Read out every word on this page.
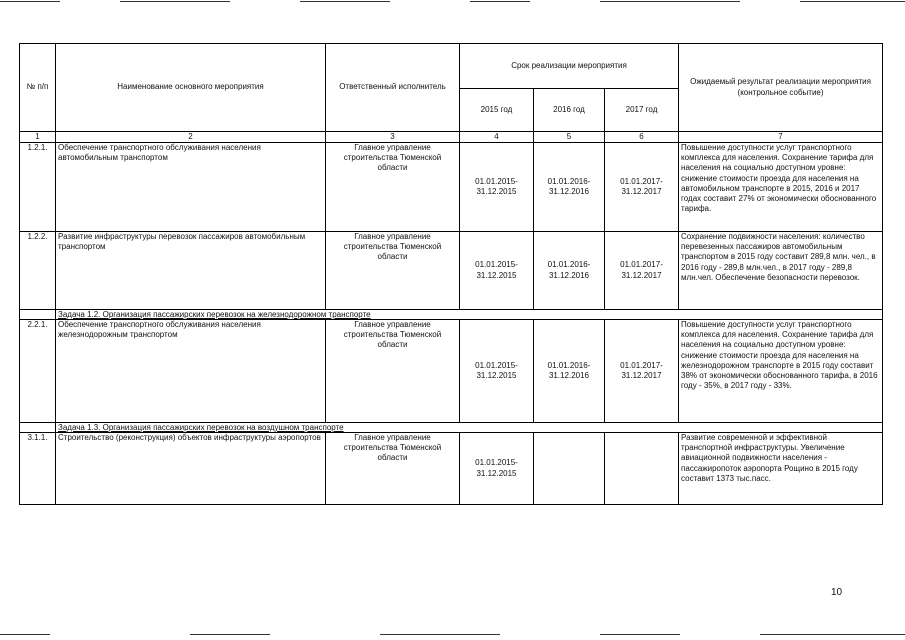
№ п/п	Наименование основного мероприятия	Ответственный исполнитель	Срок реализации мероприятия			Ожидаемый результат реализации мероприятия (контрольное событие)
			2015 год	2016 год	2017 год	
1	2	3	4	5	6	7
1.2.1.	Обеспечение транспортного обслуживания населения автомобильным транспортом	Главное управление строительства Тюменской области	01.01.2015-31.12.2015	01.01.2016-31.12.2016	01.01.2017-31.12.2017	Повышение доступности услуг транспортного комплекса для населения. Сохранение тарифа для населения на социально доступном уровне: снижение стоимости проезда для населения на автомобильном транспорте в 2015, 2016 и 2017 годах составит 27% от экономически обоснованного тарифа.
1.2.2.	Развитие инфраструктуры перевозок пассажиров автомобильным транспортом	Главное управление строительства Тюменской области	01.01.2015-31.12.2015	01.01.2016-31.12.2016	01.01.2017-31.12.2017	Сохранение подвижности населения: количество перевезенных пассажиров автомобильным транспортом в 2015 году составит 289,8 млн. чел., в 2016 году - 289,8 млн.чел., в 2017 году - 289,8 млн.чел. Обеспечение безопасности перевозок.
	Задача 1.2. Организация пассажирских перевозок на железнодорожном транспорте					
2.2.1.	Обеспечение транспортного обслуживания населения железнодорожным транспортом	Главное управление строительства Тюменской области	01.01.2015-31.12.2015	01.01.2016-31.12.2016	01.01.2017-31.12.2017	Повышение доступности услуг транспортного комплекса для населения. Сохранение тарифа для населения на социально доступном уровне: снижение стоимости проезда для населения на железнодорожном транспорте в 2015 году составит 38% от экономически обоснованного тарифа, в 2016 году - 35%, в 2017 году - 33%.
	Задача 1.3. Организация пассажирских перевозок на воздушном транспорте					
3.1.1.	Строительство (реконструкция) объектов инфраструктуры аэропортов	Главное управление строительства Тюменской области	01.01.2015-31.12.2015			Развитие современной и эффективной транспортной инфраструктуры. Увеличение авиационной подвижности населения - пассажиропоток аэропорта Рощино в 2015 году составит 1373 тыс.пасс.
10
